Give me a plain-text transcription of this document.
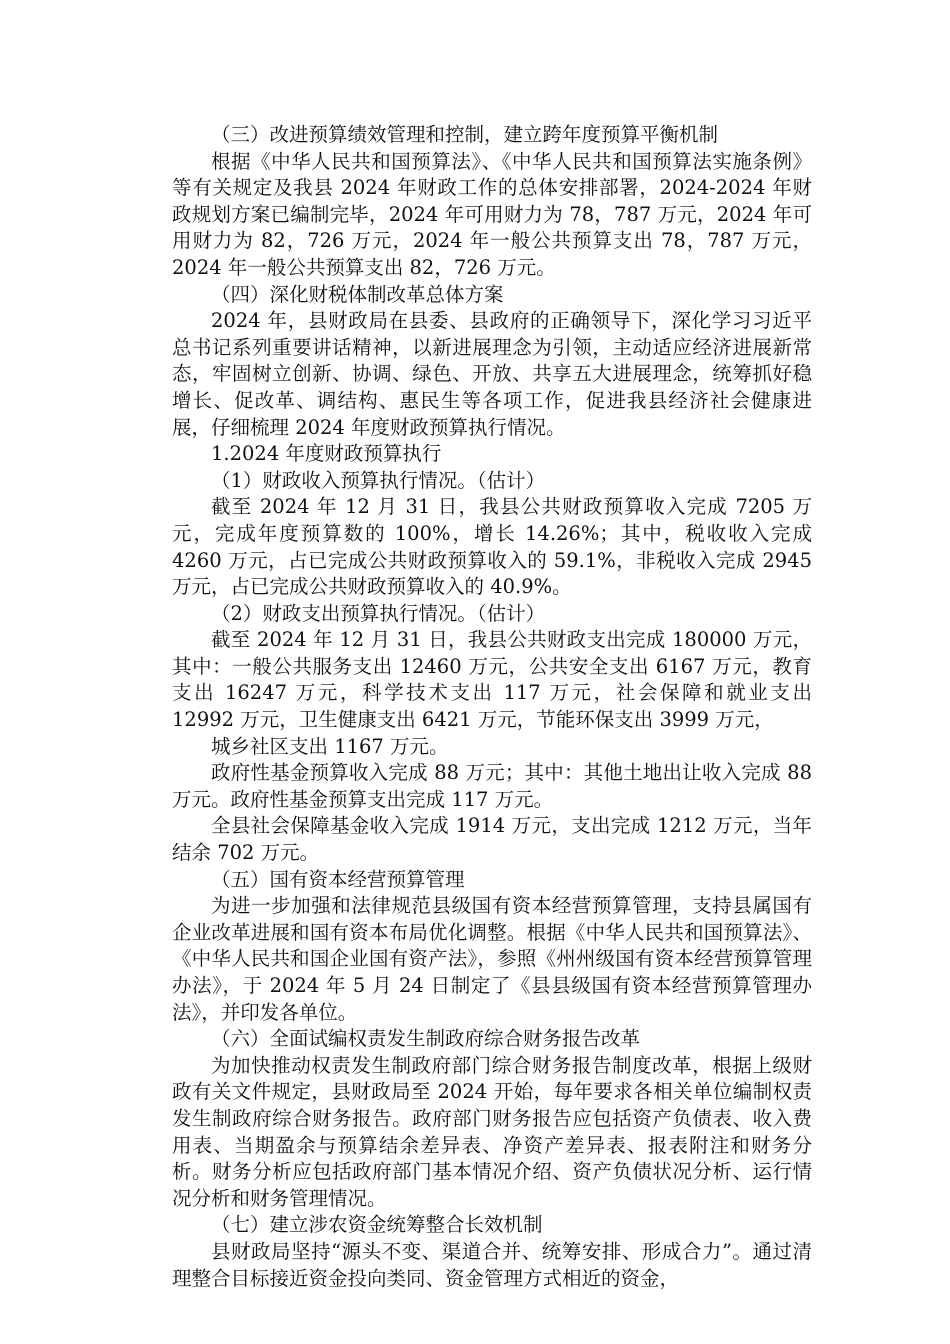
（三）改进预算绩效管理和控制，建立跨年度预算平衡机制

根据《中华人民共和国预算法》、《中华人民共和国预算法实施条例》等有关规定及我县 2024 年财政工作的总体安排部署，2024-2024 年财政规划方案已编制完毕，2024 年可用财力为 78，787 万元，2024 年可用财力为 82，726 万元，2024 年一般公共预算支出 78，787 万元，2024 年一般公共预算支出 82，726 万元。

（四）深化财税体制改革总体方案

2024 年，县财政局在县委、县政府的正确领导下，深化学习习近平总书记系列重要讲话精神，以新进展理念为引领，主动适应经济进展新常态，牢固树立创新、协调、绿色、开放、共享五大进展理念，统筹抓好稳增长、促改革、调结构、惠民生等各项工作，促进我县经济社会健康进展，仔细梳理 2024 年度财政预算执行情况。

1.2024 年度财政预算执行

（1）财政收入预算执行情况。（估计）

截至 2024 年 12 月 31 日，我县公共财政预算收入完成 7205 万元，完成年度预算数的 100%，增长 14.26%；其中，税收收入完成 4260 万元，占已完成公共财政预算收入的 59.1%，非税收入完成 2945 万元，占已完成公共财政预算收入的 40.9%。

（2）财政支出预算执行情况。（估计）

截至 2024 年 12 月 31 日，我县公共财政支出完成 180000 万元，其中：一般公共服务支出 12460 万元，公共安全支出 6167 万元，教育支出 16247 万元，科学技术支出 117 万元，社会保障和就业支出 12992 万元，卫生健康支出 6421 万元，节能环保支出 3999 万元，

城乡社区支出 1167 万元。

政府性基金预算收入完成 88 万元；其中：其他土地出让收入完成 88 万元。政府性基金预算支出完成 117 万元。

全县社会保障基金收入完成 1914 万元，支出完成 1212 万元，当年结余 702 万元。

（五）国有资本经营预算管理

为进一步加强和法律规范县级国有资本经营预算管理，支持县属国有企业改革进展和国有资本布局优化调整。根据《中华人民共和国预算法》、《中华人民共和国企业国有资产法》，参照《州州级国有资本经营预算管理办法》，于 2024 年 5 月 24 日制定了《县县级国有资本经营预算管理办法》，并印发各单位。

（六）全面试编权责发生制政府综合财务报告改革

为加快推动权责发生制政府部门综合财务报告制度改革，根据上级财政有关文件规定，县财政局至 2024 开始，每年要求各相关单位编制权责发生制政府综合财务报告。政府部门财务报告应包括资产负债表、收入费用表、当期盈余与预算结余差异表、净资产差异表、报表附注和财务分析。财务分析应包括政府部门基本情况介绍、资产负债状况分析、运行情况分析和财务管理情况。

（七）建立涉农资金统筹整合长效机制

县财政局坚持“源头不变、渠道合并、统筹安排、形成合力”。通过清理整合目标接近资金投向类同、资金管理方式相近的资金，
